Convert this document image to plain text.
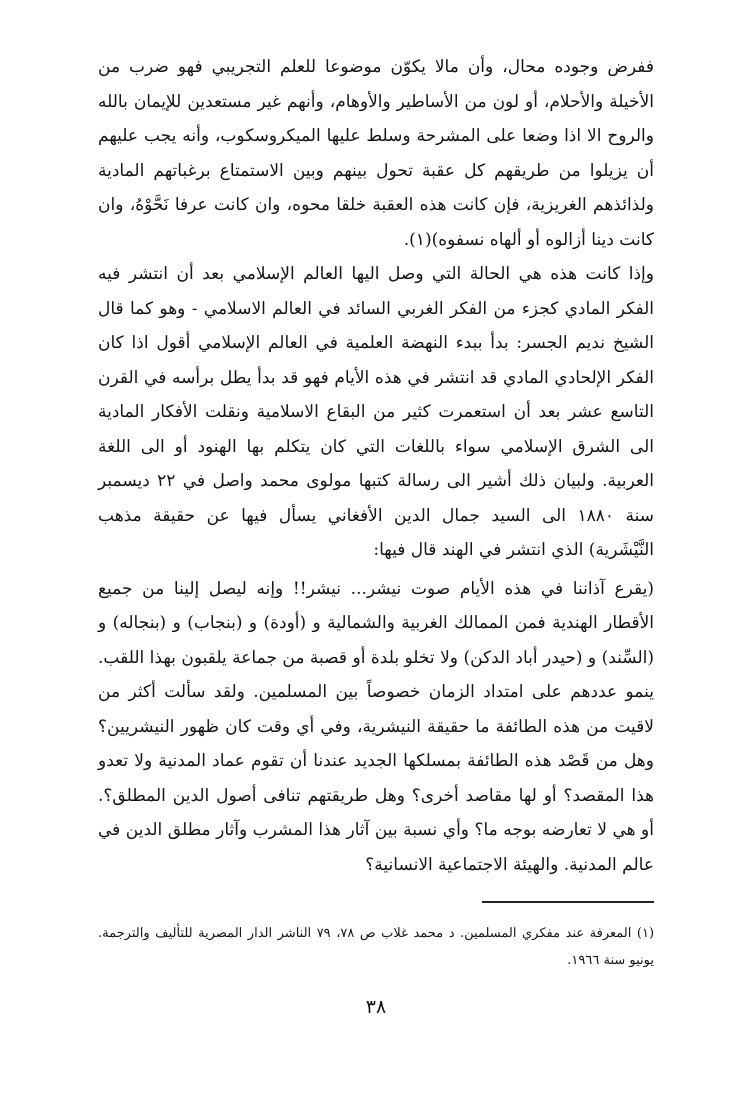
ففرض وجوده محال، وأن مالا يكوّن موضوعا للعلم التجريبي فهو ضرب من الأخيلة والأحلام، أو لون من الأساطير والأوهام، وأنهم غير مستعدين للإيمان بالله والروح الا اذا وضعا على المشرحة وسلط عليها الميكروسكوب، وأنه يجب عليهم أن يزيلوا من طريقهم كل عقبة تحول بينهم وبين الاستمتاع برغباتهم المادية ولذائذهم الغريزية، فإن كانت هذه العقبة خلقا محوه، وان كانت عرفا نَحَّوْهُ، وان كانت دينا أزالوه أو ألهاه نسفوه)(١).

وإذا كانت هذه هي الحالة التي وصل اليها العالم الإسلامي بعد أن انتشر فيه الفكر المادي كجزء من الفكر الغربي السائد في العالم الاسلامي - وهو كما قال الشيخ نديم الجسر: بدأ ببدء النهضة العلمية في العالم الإسلامي أقول اذا كان الفكر الإلحادي المادي قد انتشر في هذه الأيام فهو قد بدأ يطل برأسه في القرن التاسع عشر بعد أن استعمرت كثير من البقاع الاسلامية ونقلت الأفكار المادية الى الشرق الإسلامي سواء باللغات التي كان يتكلم بها الهنود أو الى اللغة العربية. ولبيان ذلك أشير الى رسالة كتبها مولوى محمد واصل في ٢٢ ديسمبر سنة ١٨٨٠ الى السيد جمال الدين الأفغاني يسأل فيها عن حقيقة مذهب النَّيْشَرية) الذي انتشر في الهند قال فيها:

(يقرع آذاننا في هذه الأيام صوت نيشر... نيشر!! وإنه ليصل إلينا من جميع الأقطار الهندية فمن الممالك الغربية والشمالية و (أودة) و (بنجاب) و (بنجاله) و (السِّند) و (حيدر أباد الدكن) ولا تخلو بلدة أو قصبة من جماعة يلقبون بهذا اللقب. ينمو عددهم على امتداد الزمان خصوصاً بين المسلمين. ولقد سألت أكثر من لاقيت من هذه الطائفة ما حقيقة النيشرية، وفي أي وقت كان ظهور النيشريين؟ وهل من قَصْد هذه الطائفة بمسلكها الجديد عندنا أن تقوم عماد المدنية ولا تعدو هذا المقصد؟ أو لها مقاصد أخرى؟ وهل طريقتهم تنافى أصول الدين المطلق؟. أو هي لا تعارضه بوجه ما؟ وأي نسبة بين آثار هذا المشرب وآثار مطلق الدين في عالم المدنية. والهيئة الاجتماعية الانسانية؟

(١) المعرفة عند مفكري المسلمين. د محمد غلاب ص ٧٨، ٧٩ الناشر الدار المصرية للتأليف والترجمة. يونيو سنة ١٩٦٦.

٣٨
